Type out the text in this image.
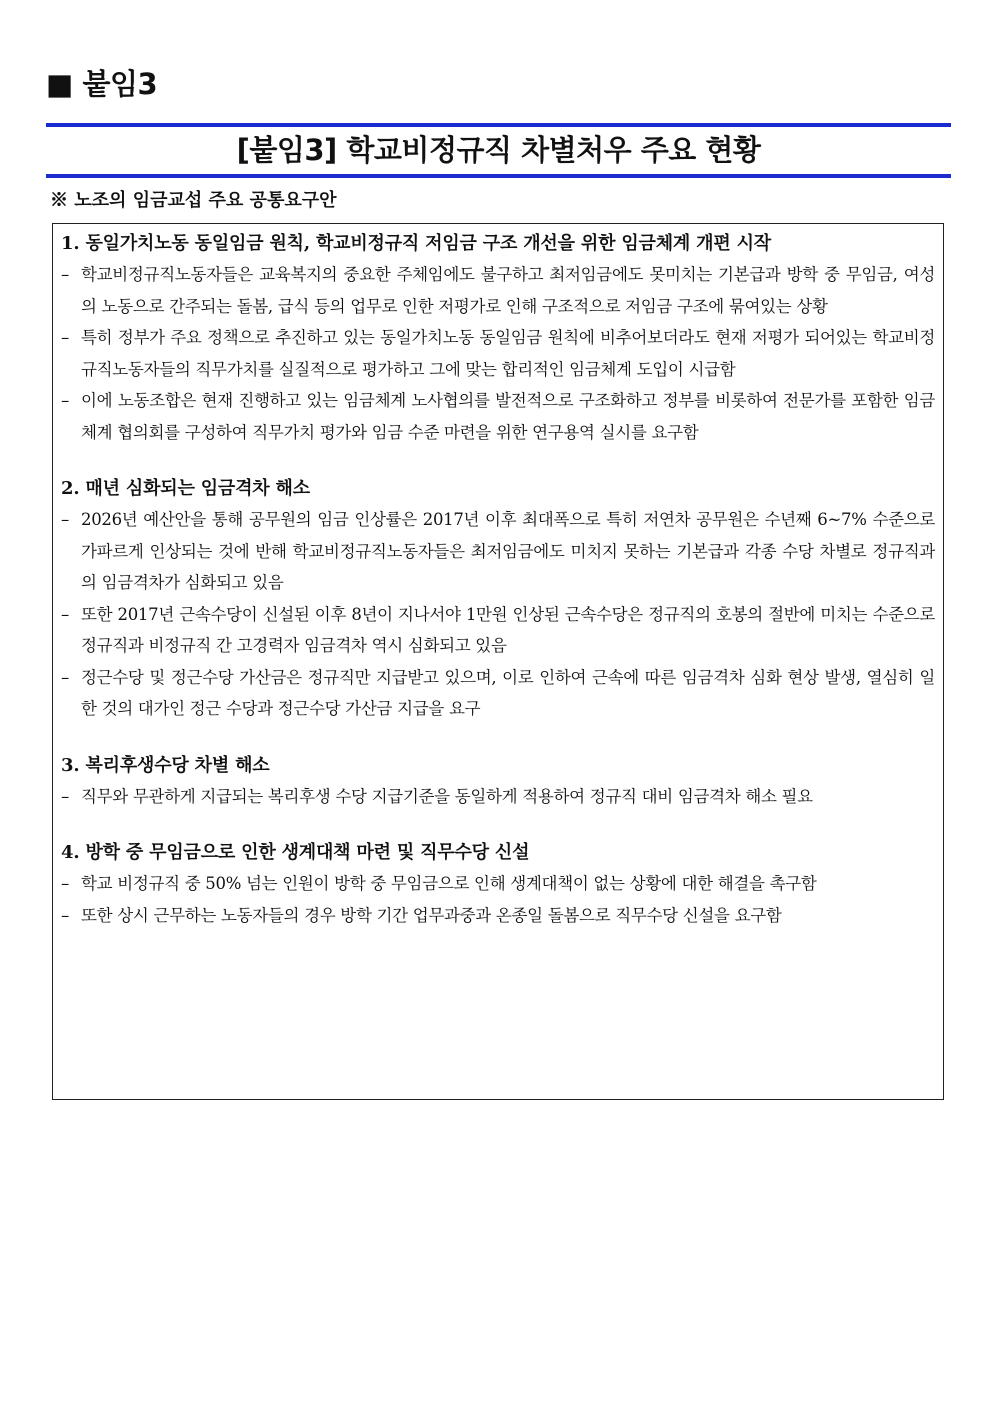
■ 붙임3
[붙임3] 학교비정규직 차별처우 주요 현황
※ 노조의 임금교섭 주요 공통요구안
1. 동일가치노동 동일임금 원칙, 학교비정규직 저임금 구조 개선을 위한 임금체계 개편 시작
– 학교비정규직노동자들은 교육복지의 중요한 주체임에도 불구하고 최저임금에도 못미치는 기본급과 방학 중 무임금, 여성의 노동으로 간주되는 돌봄, 급식 등의 업무로 인한 저평가로 인해 구조적으로 저임금 구조에 묶여있는 상황
– 특히 정부가 주요 정책으로 추진하고 있는 동일가치노동 동일임금 원칙에 비추어보더라도 현재 저평가 되어있는 학교비정규직노동자들의 직무가치를 실질적으로 평가하고 그에 맞는 합리적인 임금체계 도입이 시급함
– 이에 노동조합은 현재 진행하고 있는 임금체계 노사협의를 발전적으로 구조화하고 정부를 비롯하여 전문가를 포함한 임금체계 협의회를 구성하여 직무가치 평가와 임금 수준 마련을 위한 연구용역 실시를 요구함
2. 매년 심화되는 임금격차 해소
– 2026년 예산안을 통해 공무원의 임금 인상률은 2017년 이후 최대폭으로 특히 저연차 공무원은 수년째 6~7% 수준으로 가파르게 인상되는 것에 반해 학교비정규직노동자들은 최저임금에도 미치지 못하는 기본급과 각종 수당 차별로 정규직과의 임금격차가 심화되고 있음
– 또한 2017년 근속수당이 신설된 이후 8년이 지나서야 1만원 인상된 근속수당은 정규직의 호봉의 절반에 미치는 수준으로 정규직과 비정규직 간 고경력자 임금격차 역시 심화되고 있음
– 정근수당 및 정근수당 가산금은 정규직만 지급받고 있으며, 이로 인하여 근속에 따른 임금격차 심화 현상 발생, 열심히 일한 것의 대가인 정근 수당과 정근수당 가산금 지급을 요구
3. 복리후생수당 차별 해소
– 직무와 무관하게 지급되는 복리후생 수당 지급기준을 동일하게 적용하여 정규직 대비 임금격차 해소 필요
4. 방학 중 무임금으로 인한 생계대책 마련 및 직무수당 신설
– 학교 비정규직 중 50% 넘는 인원이 방학 중 무임금으로 인해 생계대책이 없는 상황에 대한 해결을 촉구함
– 또한 상시 근무하는 노동자들의 경우 방학 기간 업무과중과 온종일 돌봄으로 직무수당 신설을 요구함
